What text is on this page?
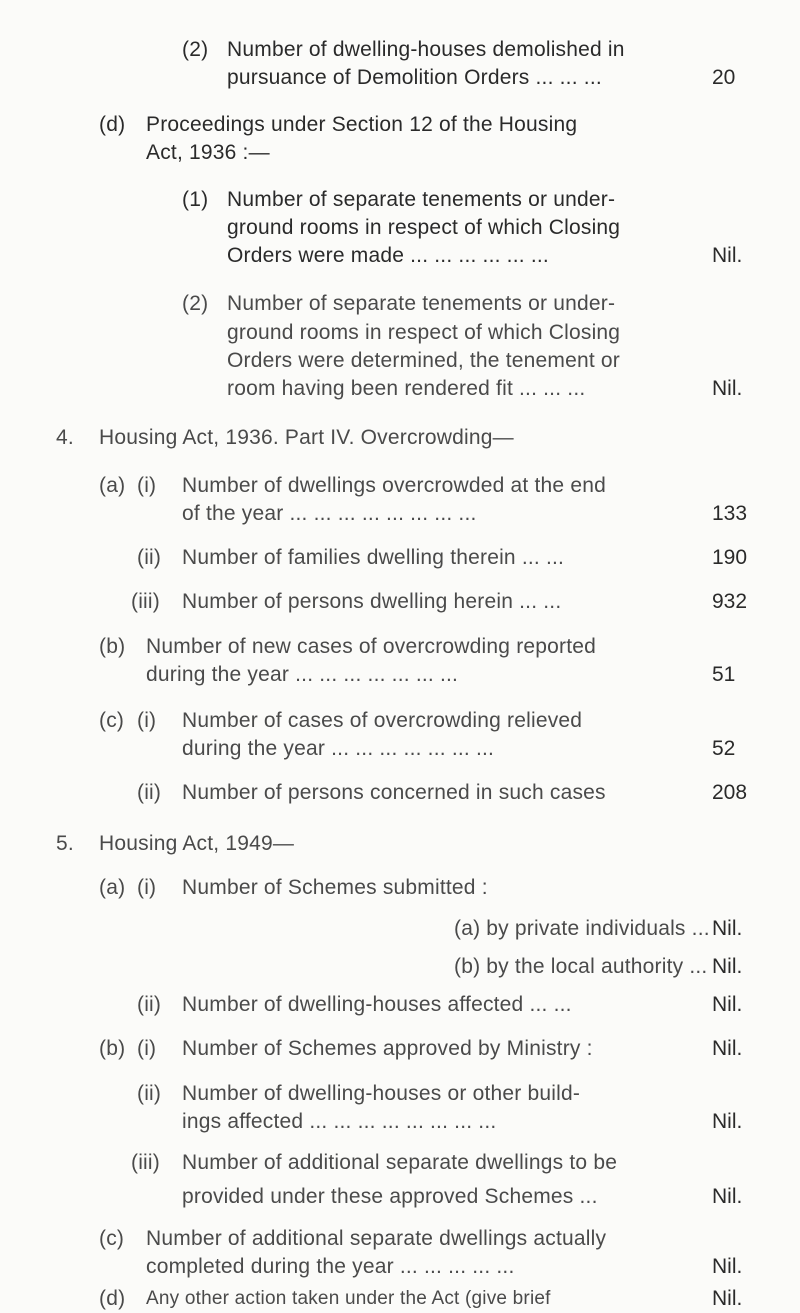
(2) Number of dwelling-houses demolished in
pursuance of Demolition Orders ... ... ...	20
(d) Proceedings under Section 12 of the Housing
Act, 1936 :—
(1) Number of separate tenements or under-
ground rooms in respect of which Closing
Orders were made ... ... ... ... ... ...	Nil.
(2) Number of separate tenements or under-
ground rooms in respect of which Closing
Orders were determined, the tenement or
room having been rendered fit ... ... ...	Nil.
4. Housing Act, 1936. Part IV. Overcrowding—
(a) (i) Number of dwellings overcrowded at the end
of the year ... ... ... ... ... ... ... ...	133
(ii) Number of families dwelling therein ... ...	190
(iii) Number of persons dwelling herein ... ...	932
(b) Number of new cases of overcrowding reported
during the year ... ... ... ... ... ... ...	51
(c) (i) Number of cases of overcrowding relieved
during the year ... ... ... ... ... ... ...	52
(ii) Number of persons concerned in such cases	208
5. Housing Act, 1949—
(a) (i) Number of Schemes submitted :
(a) by private individuals ... Nil.
(b) by the local authority ... Nil.
(ii) Number of dwelling-houses affected ... ...	Nil.
(b) (i) Number of Schemes approved by Ministry :	Nil.
(ii) Number of dwelling-houses or other build-
ings affected ... ... ... ... ... ... ... ...	Nil.
(iii) Number of additional separate dwellings to be
provided under these approved Schemes ...	Nil.
(c) Number of additional separate dwellings actually
completed during the year ... ... ... ... ...	Nil.
(d) Any other action taken under the Act (give brief	Nil.
